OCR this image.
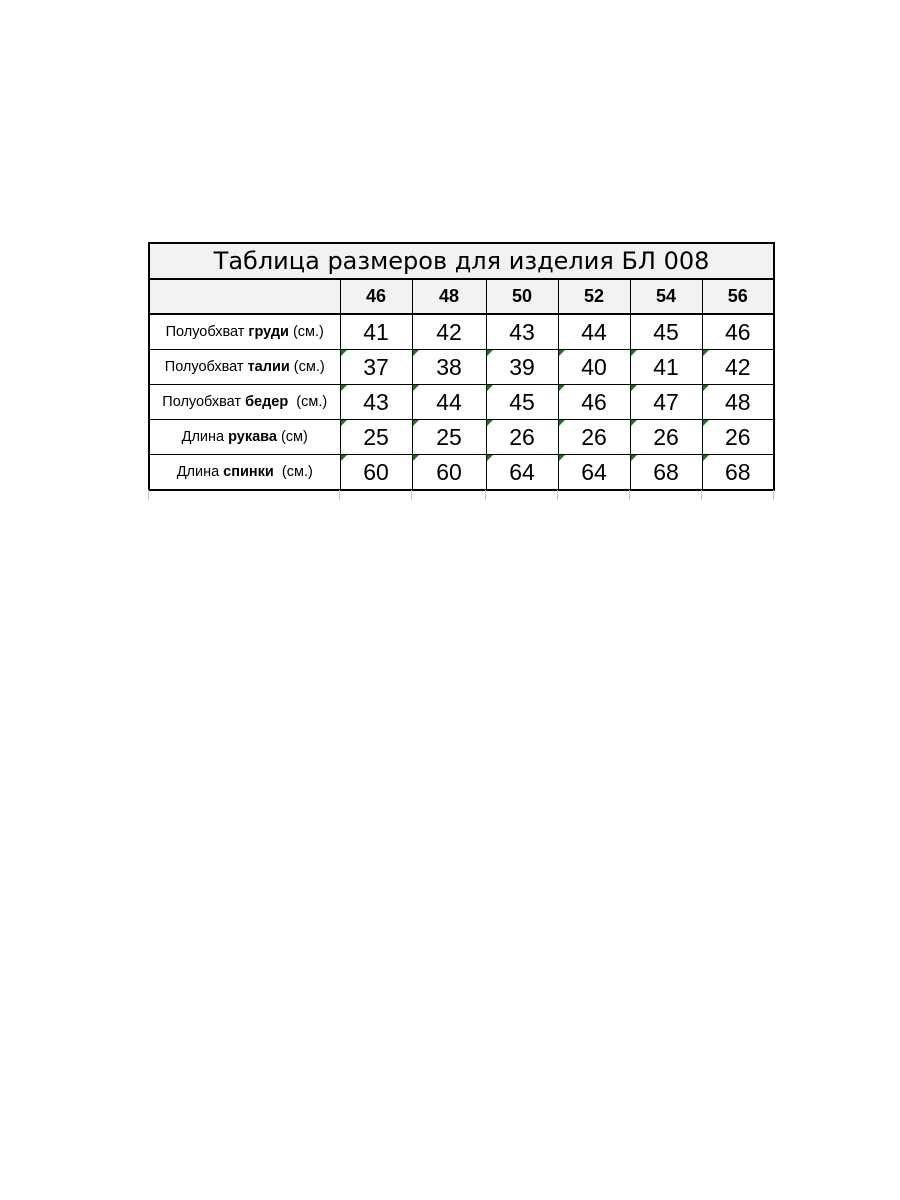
Таблица размеров для изделия БЛ 008						
	46	48	50	52	54	56
Полуобхват груди (см.)	41	42	43	44	45	46
Полуобхват талии (см.)	37	38	39	40	41	42
Полуобхват бедер  (см.)	43	44	45	46	47	48
Длина рукава (см)	25	25	26	26	26	26
Длина спинки  (см.)	60	60	64	64	68	68
